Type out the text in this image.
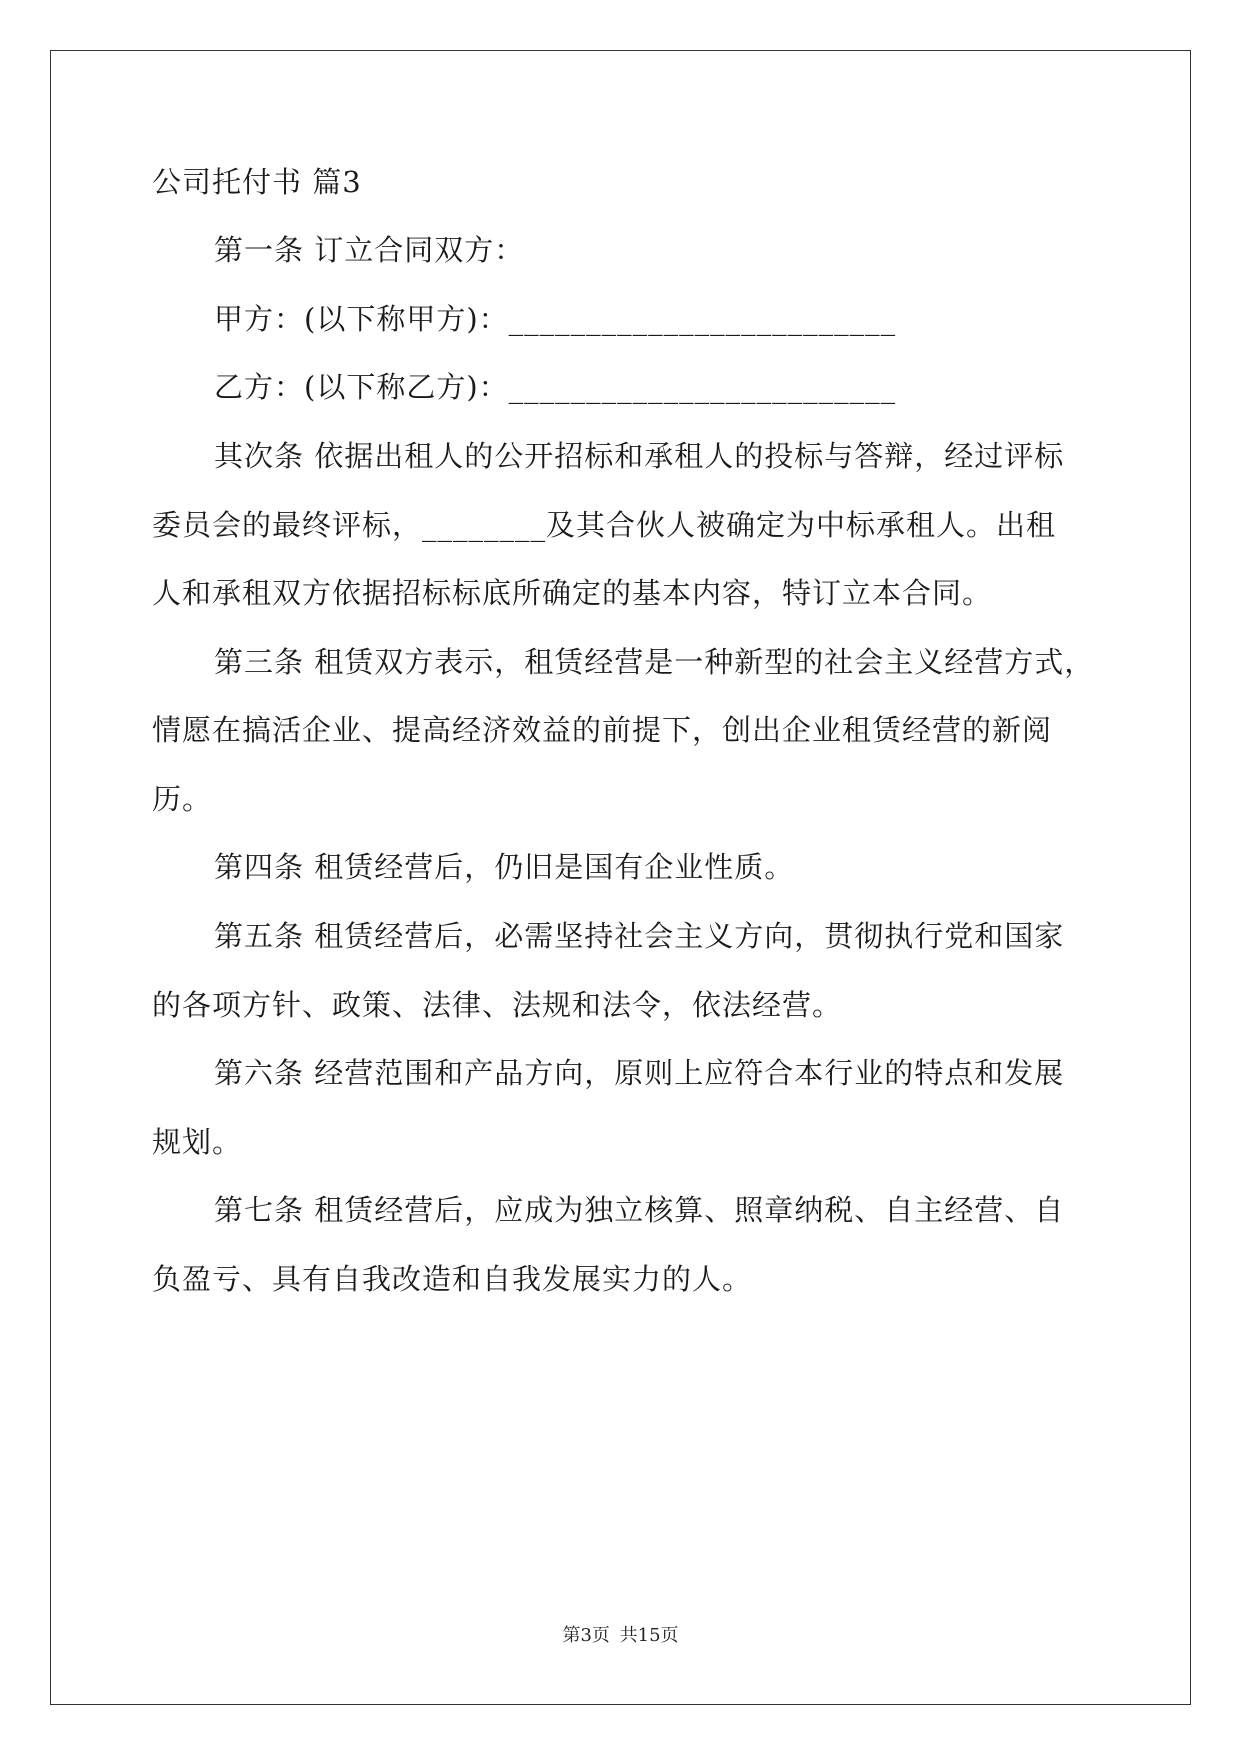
公司托付书 篇3
第一条 订立合同双方：
甲方：(以下称甲方)：_________________________
乙方：(以下称乙方)：_________________________
其次条 依据出租人的公开招标和承租人的投标与答辩，经过评标
委员会的最终评标，________及其合伙人被确定为中标承租人。出租
人和承租双方依据招标标底所确定的基本内容，特订立本合同。
第三条 租赁双方表示，租赁经营是一种新型的社会主义经营方式，
情愿在搞活企业、提高经济效益的前提下，创出企业租赁经营的新阅
历。
第四条 租赁经营后，仍旧是国有企业性质。
第五条 租赁经营后，必需坚持社会主义方向，贯彻执行党和国家
的各项方针、政策、法律、法规和法令，依法经营。
第六条 经营范围和产品方向，原则上应符合本行业的特点和发展
规划。
第七条 租赁经营后，应成为独立核算、照章纳税、自主经营、自
负盈亏、具有自我改造和自我发展实力的人。
第3页 共15页
